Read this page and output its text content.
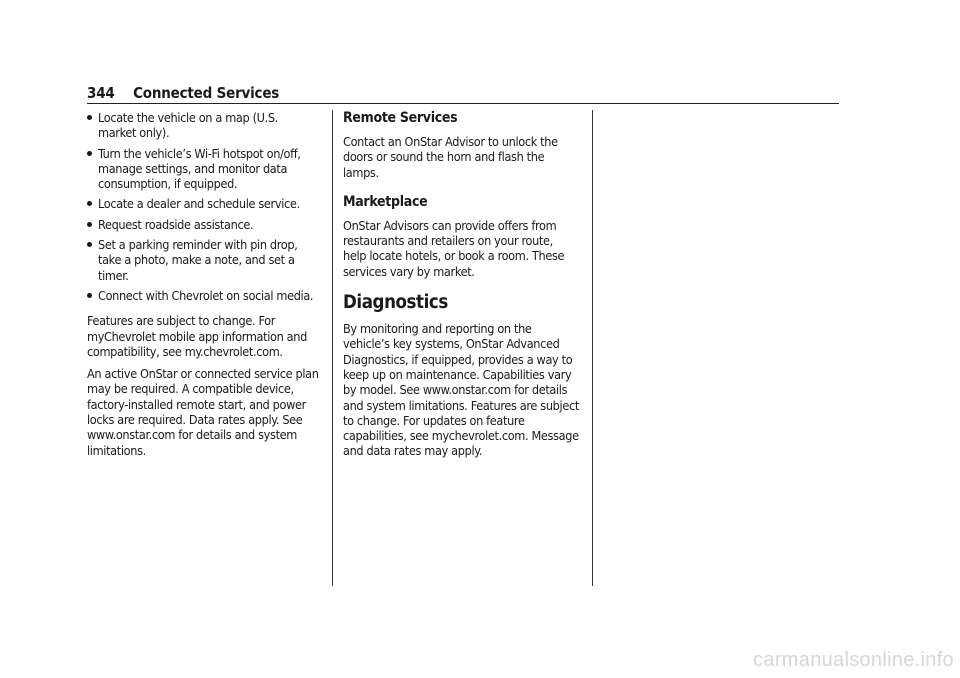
344 Connected Services
Locate the vehicle on a map (U.S. market only).
Turn the vehicle’s Wi-Fi hotspot on/off, manage settings, and monitor data consumption, if equipped.
Locate a dealer and schedule service.
Request roadside assistance.
Set a parking reminder with pin drop, take a photo, make a note, and set a timer.
Connect with Chevrolet on social media.

Features are subject to change. For myChevrolet mobile app information and compatibility, see my.chevrolet.com.

An active OnStar or connected service plan may be required. A compatible device, factory-installed remote start, and power locks are required. Data rates apply. See www.onstar.com for details and system limitations.

Remote Services

Contact an OnStar Advisor to unlock the doors or sound the horn and flash the lamps.

Marketplace

OnStar Advisors can provide offers from restaurants and retailers on your route, help locate hotels, or book a room. These services vary by market.

Diagnostics

By monitoring and reporting on the vehicle’s key systems, OnStar Advanced Diagnostics, if equipped, provides a way to keep up on maintenance. Capabilities vary by model. See www.onstar.com for details and system limitations. Features are subject to change. For updates on feature capabilities, see mychevrolet.com. Message and data rates may apply.

carmanualsonline.info
